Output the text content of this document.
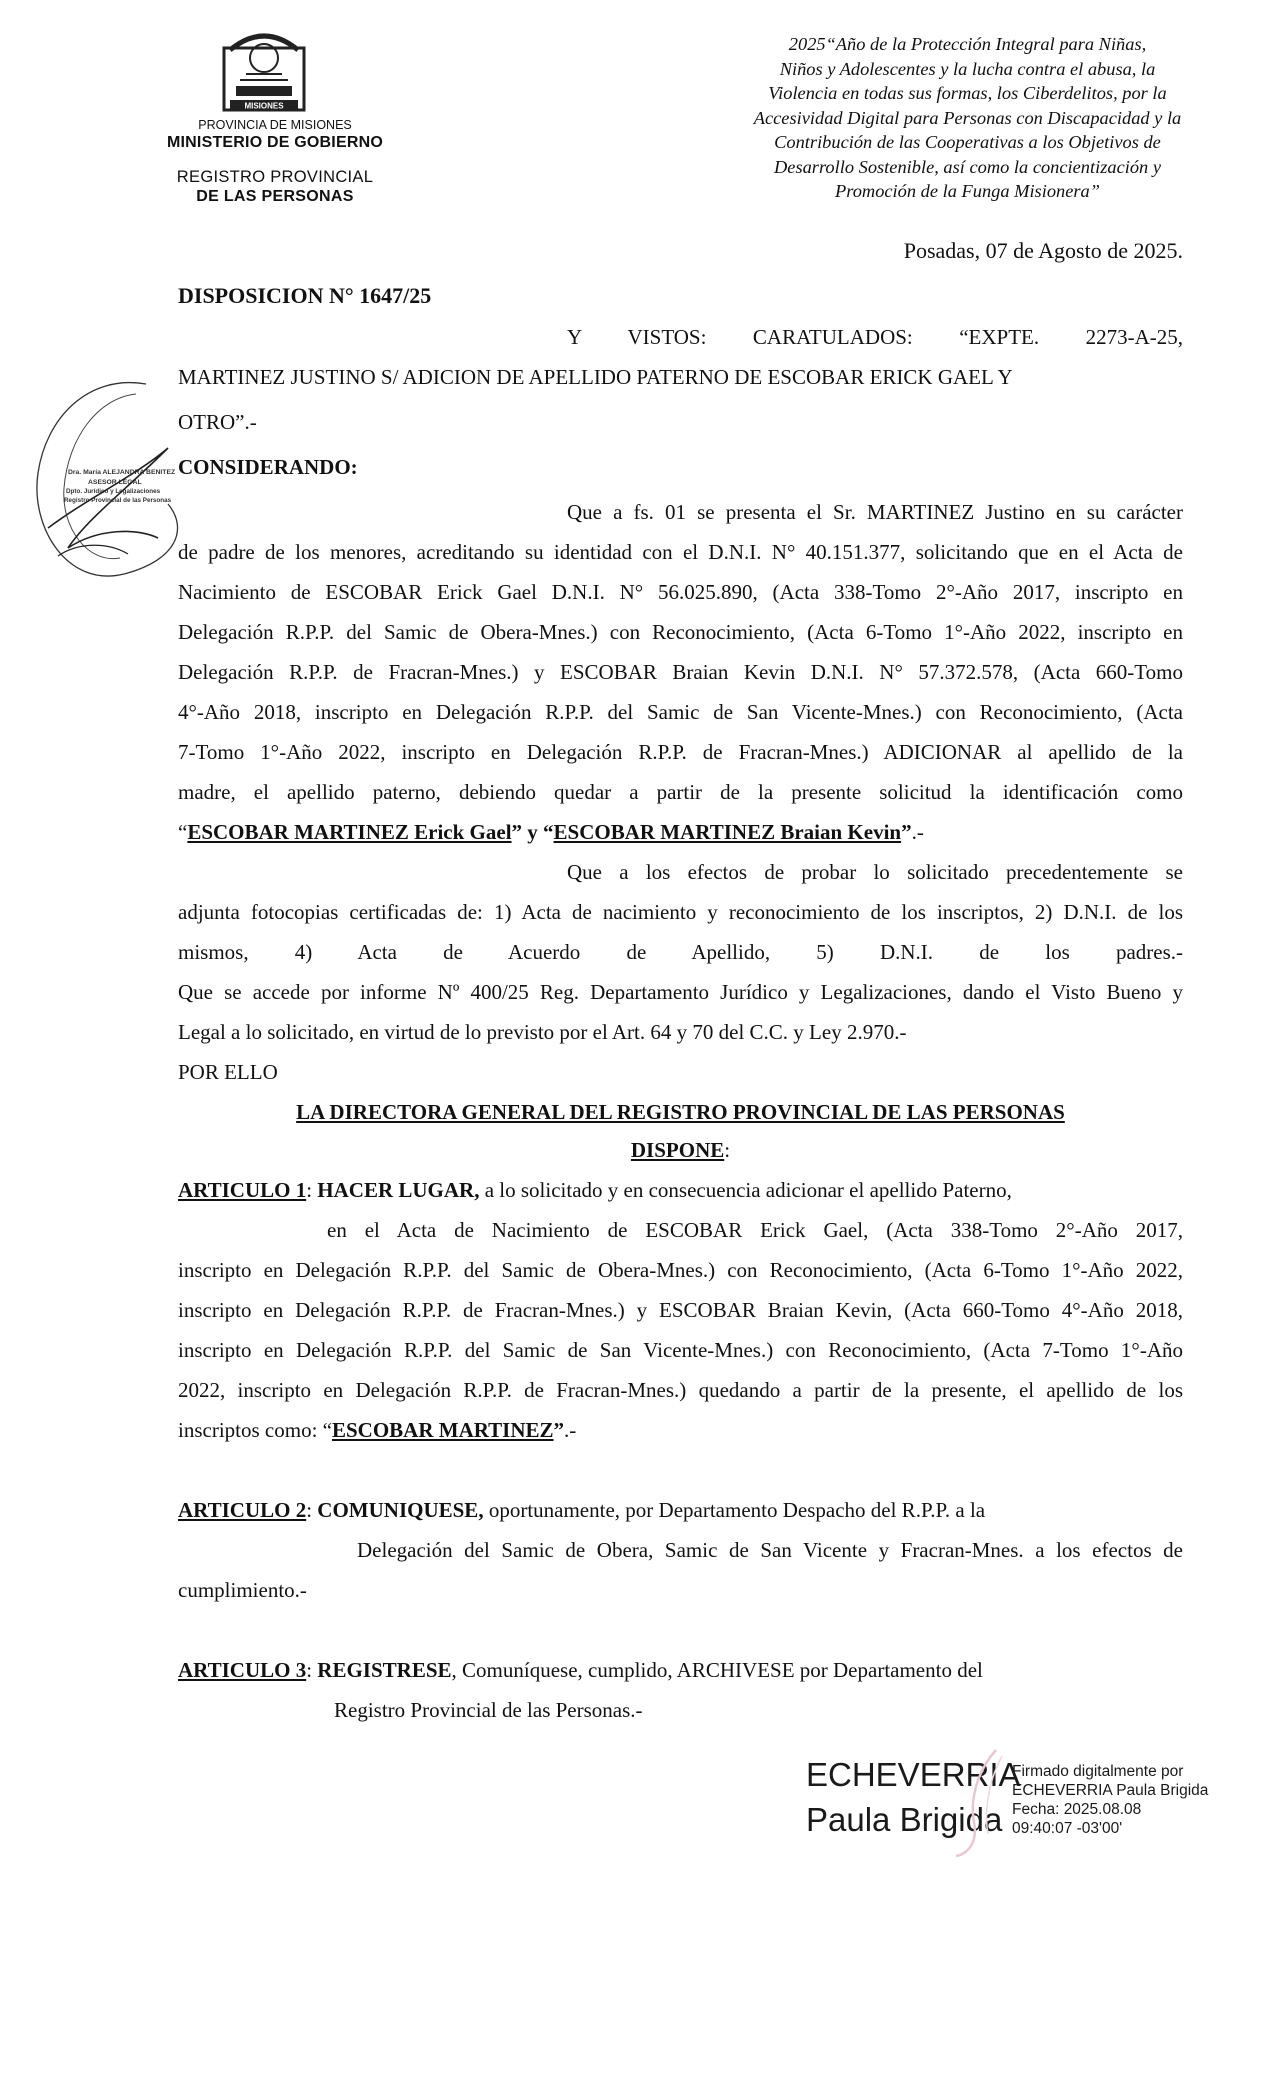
MISIONES
PROVINCIA DE MISIONES
MINISTERIO DE GOBIERNO
REGISTRO PROVINCIAL
DE LAS PERSONAS
2025“Año de la Protección Integral para Niñas,
Niños y Adolescentes y la lucha contra el abusa, la
Violencia en todas sus formas, los Ciberdelitos, por la
Accesividad Digital para Personas con Discapacidad y la
Contribución de las Cooperativas a los Objetivos de
Desarrollo Sostenible, así como la concientización y
Promoción de la Funga Misionera”
Posadas, 07 de Agosto de 2025.
DISPOSICION N° 1647/25
Y VISTOS: CARATULADOS: “EXPTE. 2273-A-25,
MARTINEZ JUSTINO S/ ADICION DE APELLIDO PATERNO DE ESCOBAR ERICK GAEL Y
OTRO”.-
CONSIDERANDO:
Que a fs. 01 se presenta el Sr. MARTINEZ Justino en su carácter
de padre de los menores, acreditando su identidad con el D.N.I. N° 40.151.377, solicitando que en el Acta de
Nacimiento de ESCOBAR Erick Gael D.N.I. N° 56.025.890, (Acta 338-Tomo 2°-Año 2017, inscripto en
Delegación R.P.P. del Samic de Obera-Mnes.) con Reconocimiento, (Acta 6-Tomo 1°-Año 2022, inscripto en
Delegación R.P.P. de Fracran-Mnes.) y ESCOBAR Braian Kevin D.N.I. N° 57.372.578, (Acta 660-Tomo
4°-Año 2018, inscripto en Delegación R.P.P. del Samic de San Vicente-Mnes.) con Reconocimiento, (Acta
7-Tomo 1°-Año 2022, inscripto en Delegación R.P.P. de Fracran-Mnes.) ADICIONAR al apellido de la
madre, el apellido paterno, debiendo quedar a partir de la presente solicitud la identificación como
“ESCOBAR MARTINEZ Erick Gael” y “ESCOBAR MARTINEZ Braian Kevin”.-
Que a los efectos de probar lo solicitado precedentemente se
adjunta fotocopias certificadas de: 1) Acta de nacimiento y reconocimiento de los inscriptos, 2) D.N.I. de los
mismos, 4) Acta de Acuerdo de Apellido, 5) D.N.I. de los padres.-
Que se accede por informe Nº 400/25 Reg. Departamento Jurídico y Legalizaciones, dando el Visto Bueno y
Legal a lo solicitado, en virtud de lo previsto por el Art. 64 y 70 del C.C. y Ley 2.970.-
POR ELLO
LA DIRECTORA GENERAL DEL REGISTRO PROVINCIAL DE LAS PERSONAS
DISPONE:
ARTICULO 1: HACER LUGAR, a lo solicitado y en consecuencia adicionar el apellido Paterno,
en el Acta de Nacimiento de ESCOBAR Erick Gael, (Acta 338-Tomo 2°-Año 2017,
inscripto en Delegación R.P.P. del Samic de Obera-Mnes.) con Reconocimiento, (Acta 6-Tomo 1°-Año 2022,
inscripto en Delegación R.P.P. de Fracran-Mnes.) y ESCOBAR Braian Kevin, (Acta 660-Tomo 4°-Año 2018,
inscripto en Delegación R.P.P. del Samic de San Vicente-Mnes.) con Reconocimiento, (Acta 7-Tomo 1°-Año
2022, inscripto en Delegación R.P.P. de Fracran-Mnes.) quedando a partir de la presente, el apellido de los
inscriptos como: “ESCOBAR MARTINEZ”.-
ARTICULO 2: COMUNIQUESE, oportunamente, por Departamento Despacho del R.P.P. a la
Delegación del Samic de Obera, Samic de San Vicente y Fracran-Mnes. a los efectos de
cumplimiento.-
ARTICULO 3: REGISTRESE, Comuníquese, cumplido, ARCHIVESE por Departamento del
Registro Provincial de las Personas.-
Dra. María ALEJANDRA BENITEZ
ASESOR LEGAL
Dpto. Jurídico y Legalizaciones
Registro Provincial de las Personas
ECHEVERRIA
Paula Brigida
Firmado digitalmente por
ECHEVERRIA Paula Brigida
Fecha: 2025.08.08
09:40:07 -03'00'
